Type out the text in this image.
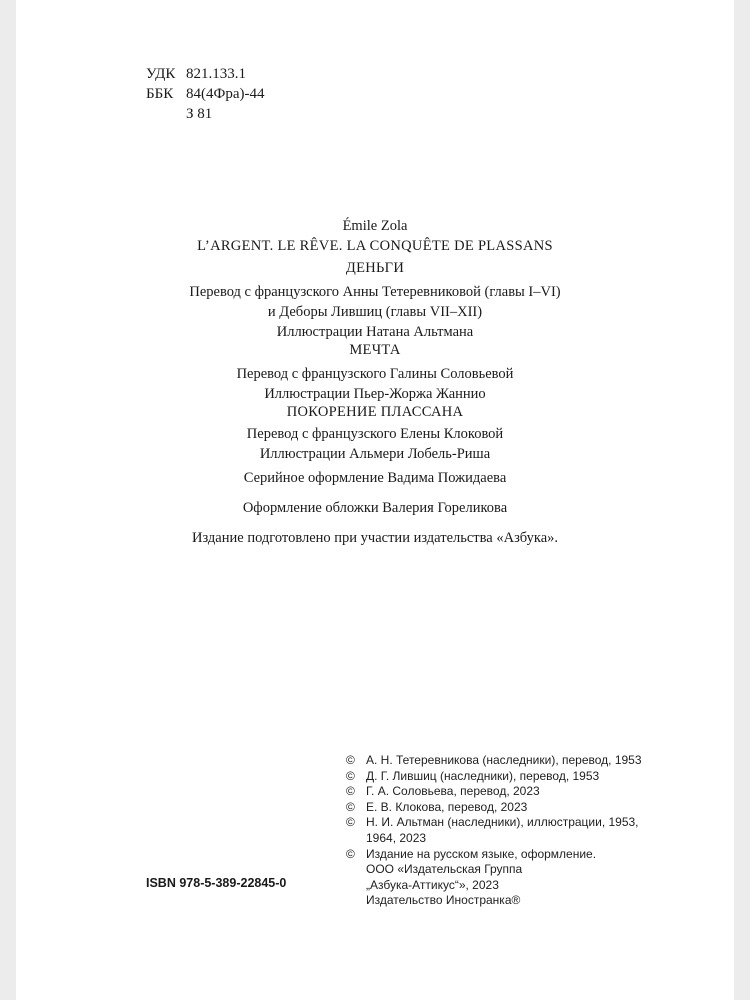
УДК 821.133.1
ББК 84(4Фра)-44
З 81
Émile Zola
L’ARGENT. LE RÊVE. LA CONQUÊTE DE PLASSANS
ДЕНЬГИ
Перевод с французского Анны Тетеревниковой (главы I–VI)
и Деборы Лившиц (главы VII–XII)
Иллюстрации Натана Альтмана
МЕЧТА
Перевод с французского Галины Соловьевой
Иллюстрации Пьер-Жоржа Жаннио
ПОКОРЕНИЕ ПЛАССАНА
Перевод с французского Елены Клоковой
Иллюстрации Альмери Лобель-Риша
Серийное оформление Вадима Пожидаева
Оформление обложки Валерия Гореликова
Издание подготовлено при участии издательства «Азбука».
© А. Н. Тетеревникова (наследники), перевод, 1953
© Д. Г. Лившиц (наследники), перевод, 1953
© Г. А. Соловьева, перевод, 2023
© Е. В. Клокова, перевод, 2023
© Н. И. Альтман (наследники), иллюстрации, 1953,
1964, 2023
© Издание на русском языке, оформление.
ООО «Издательская Группа
„Азбука-Аттикус“», 2023
Издательство Иностранка®
ISBN 978-5-389-22845-0
